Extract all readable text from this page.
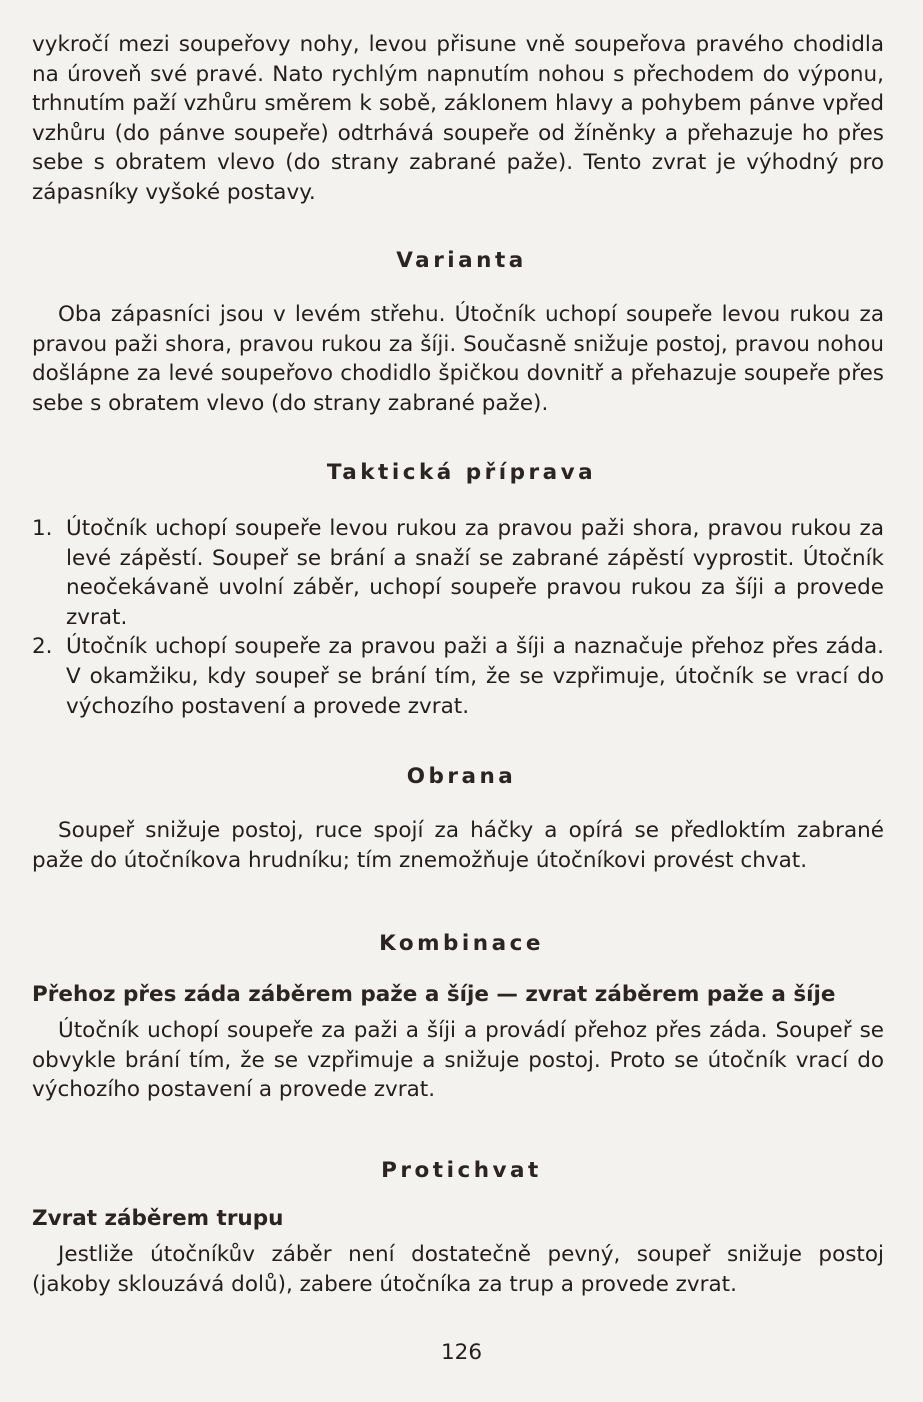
vykročí mezi soupeřovy nohy, levou přisune vně soupeřova pravého chodidla na úroveň své pravé. Nato rychlým napnutím nohou s přechodem do výponu, trhnutím paží vzhůru směrem k sobě, záklonem hlavy a pohybem pánve vpřed vzhůru (do pánve soupeře) odtrhává soupeře od žíněnky a přehazuje ho přes sebe s obratem vlevo (do strany zabrané paže). Tento zvrat je výhodný pro zápasníky vyšoké postavy.

Varianta

Oba zápasníci jsou v levém střehu. Útočník uchopí soupeře levou rukou za pravou paži shora, pravou rukou za šíji. Současně snižuje postoj, pravou nohou došlápne za levé soupeřovo chodidlo špičkou dovnitř a přehazuje soupeře přes sebe s obratem vlevo (do strany zabrané paže).

Taktická příprava
1. Útočník uchopí soupeře levou rukou za pravou paži shora, pravou rukou za levé zápěstí. Soupeř se brání a snaží se zabrané zápěstí vyprostit. Útočník neočekávaně uvolní záběr, uchopí soupeře pravou rukou za šíji a provede zvrat.
2. Útočník uchopí soupeře za pravou paži a šíji a naznačuje přehoz přes záda. V okamžiku, kdy soupeř se brání tím, že se vzpřimuje, útočník se vrací do výchozího postavení a provede zvrat.
Obrana

Soupeř snižuje postoj, ruce spojí za háčky a opírá se předloktím zabrané paže do útočníkova hrudníku; tím znemožňuje útočníkovi provést chvat.

Kombinace
Přehoz přes záda záběrem paže a šíje — zvrat záběrem paže a šíje

Útočník uchopí soupeře za paži a šíji a provádí přehoz přes záda. Soupeř se obvykle brání tím, že se vzpřimuje a snižuje postoj. Proto se útočník vrací do výchozího postavení a provede zvrat.

Protichvat
Zvrat záběrem trupu

Jestliže útočníkův záběr není dostatečně pevný, soupeř snižuje postoj (jakoby sklouzává dolů), zabere útočníka za trup a provede zvrat.

126
